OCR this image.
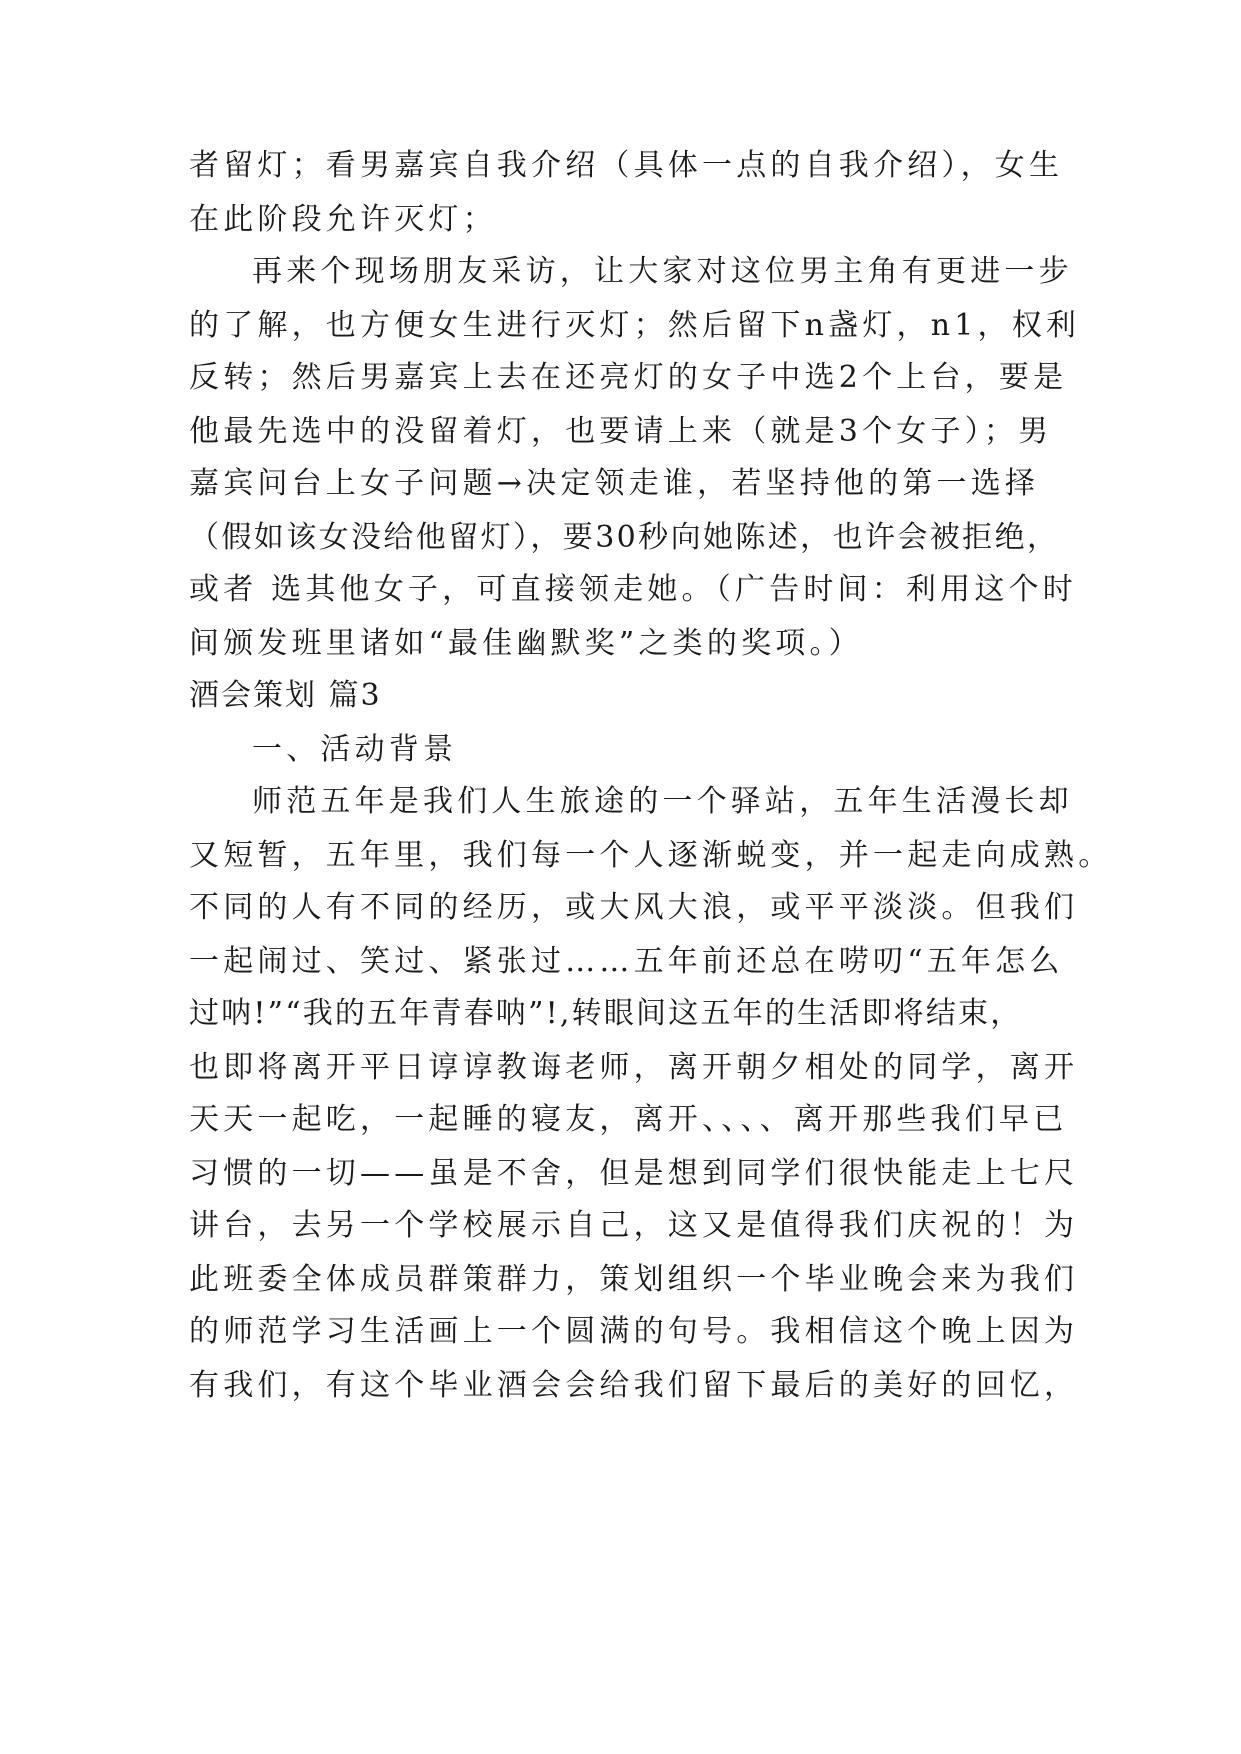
者留灯；看男嘉宾自我介绍（具体一点的自我介绍），女生
在此阶段允许灭灯；
再来个现场朋友采访，让大家对这位男主角有更进一步
的了解，也方便女生进行灭灯；然后留下n盏灯，n1，权利
反转；然后男嘉宾上去在还亮灯的女子中选2个上台，要是
他最先选中的没留着灯，也要请上来（就是3个女子）；男
嘉宾问台上女子问题→决定领走谁，若坚持他的第一选择
（假如该女没给他留灯），要30秒向她陈述，也许会被拒绝，
或者 选其他女子，可直接领走她。（广告时间：利用这个时
间颁发班里诸如“最佳幽默奖”之类的奖项。）
酒会策划 篇3
一、活动背景
师范五年是我们人生旅途的一个驿站，五年生活漫长却
又短暂，五年里，我们每一个人逐渐蜕变，并一起走向成熟。
不同的人有不同的经历，或大风大浪，或平平淡淡。但我们
一起闹过、笑过、紧张过……五年前还总在唠叨“五年怎么
过呐!”“我的五年青春呐”!,转眼间这五年的生活即将结束，
也即将离开平日谆谆教诲老师，离开朝夕相处的同学，离开
天天一起吃，一起睡的寝友，离开、、、、离开那些我们早已
习惯的一切——虽是不舍，但是想到同学们很快能走上七尺
讲台，去另一个学校展示自己，这又是值得我们庆祝的！为
此班委全体成员群策群力，策划组织一个毕业晚会来为我们
的师范学习生活画上一个圆满的句号。我相信这个晚上因为
有我们，有这个毕业酒会会给我们留下最后的美好的回忆，
